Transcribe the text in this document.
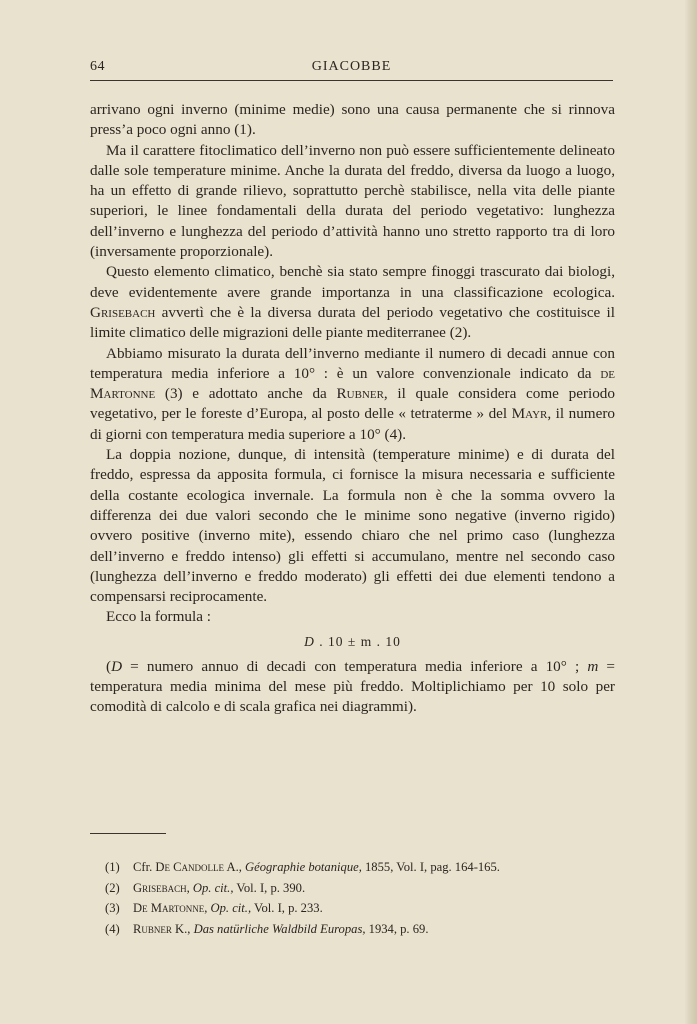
64	GIACOBBE

arrivano ogni inverno (minime medie) sono una causa permanente che si rinnova press’a poco ogni anno (1).

Ma il carattere fitoclimatico dell’inverno non può essere sufficientemente delineato dalle sole temperature minime. Anche la durata del freddo, diversa da luogo a luogo, ha un effetto di grande rilievo, soprattutto perchè stabilisce, nella vita delle piante superiori, le linee fondamentali della durata del periodo vegetativo: lunghezza dell’inverno e lunghezza del periodo d’attività hanno uno stretto rapporto tra di loro (inversamente proporzionale).

Questo elemento climatico, benchè sia stato sempre finoggi trascurato dai biologi, deve evidentemente avere grande importanza in una classificazione ecologica. Grisebach avvertì che è la diversa durata del periodo vegetativo che costituisce il limite climatico delle migrazioni delle piante mediterranee (2).

Abbiamo misurato la durata dell’inverno mediante il numero di decadi annue con temperatura media inferiore a 10° : è un valore convenzionale indicato da de Martonne (3) e adottato anche da Rubner, il quale considera come periodo vegetativo, per le foreste d’Europa, al posto delle « tetraterme » del Mayr, il numero di giorni con temperatura media superiore a 10° (4).

La doppia nozione, dunque, di intensità (temperature minime) e di durata del freddo, espressa da apposita formula, ci fornisce la misura necessaria e sufficiente della costante ecologica invernale. La formula non è che la somma ovvero la differenza dei due valori secondo che le minime sono negative (inverno rigido) ovvero positive (inverno mite), essendo chiaro che nel primo caso (lunghezza dell’inverno e freddo intenso) gli effetti si accumulano, mentre nel secondo caso (lunghezza dell’inverno e freddo moderato) gli effetti dei due elementi tendono a compensarsi reciprocamente.

Ecco la formula :

D . 10 ± m . 10

(D = numero annuo di decadi con temperatura media inferiore a 10° ; m = temperatura media minima del mese più freddo. Moltiplichiamo per 10 solo per comodità di calcolo e di scala grafica nei diagrammi).

(1) Cfr. De Candolle A., Géographie botanique, 1855, Vol. I, pag. 164-165.

(2) Grisebach, Op. cit., Vol. I, p. 390.

(3) De Martonne, Op. cit., Vol. I, p. 233.

(4) Rubner K., Das natürliche Waldbild Europas, 1934, p. 69.
